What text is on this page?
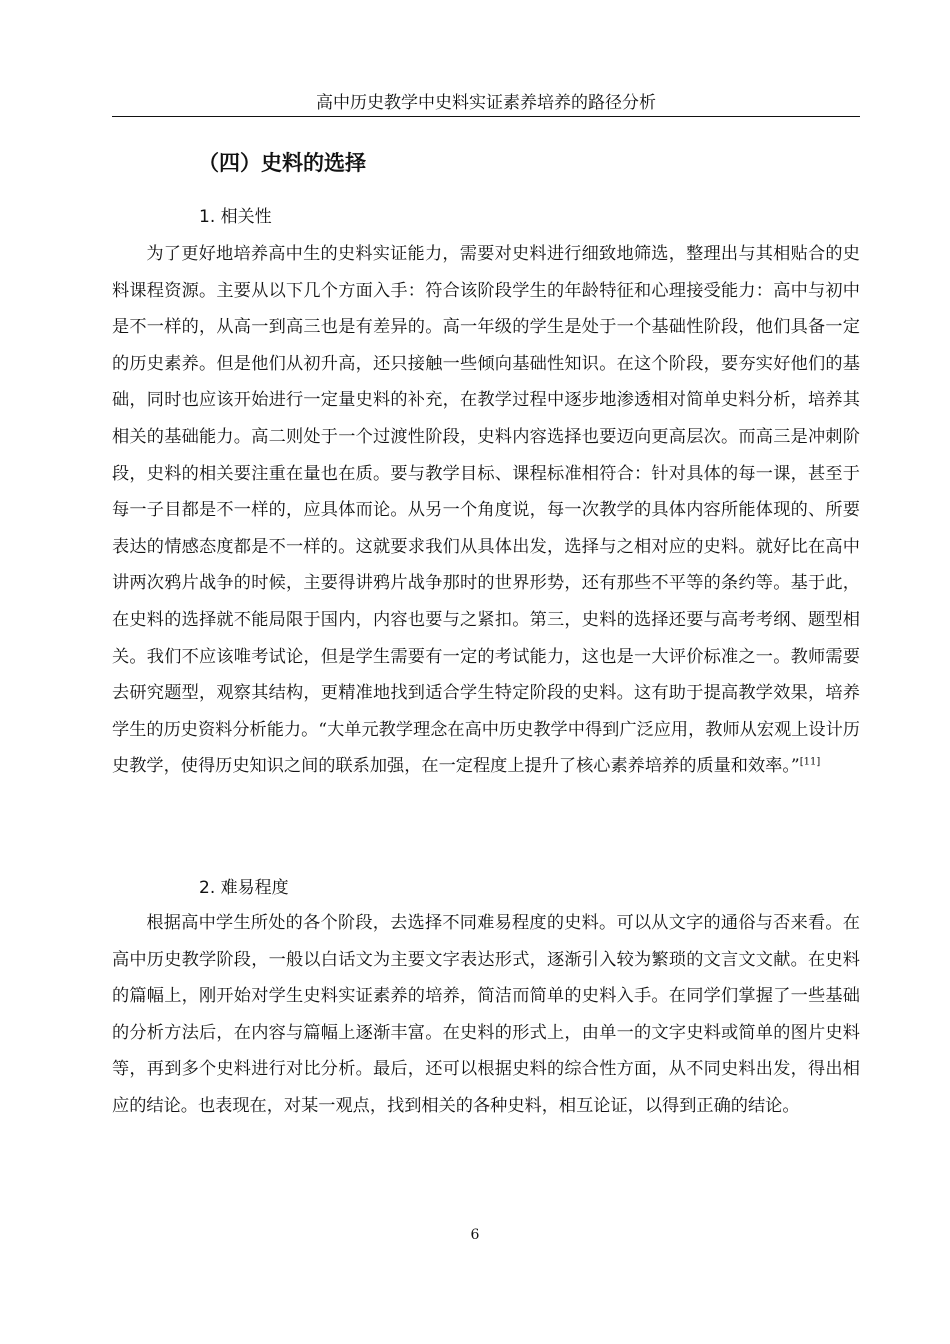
高中历史教学中史料实证素养培养的路径分析
（四）史料的选择
1. 相关性

为了更好地培养高中生的史料实证能力，需要对史料进行细致地筛选，整理出与其相贴合的史料课程资源。主要从以下几个方面入手：符合该阶段学生的年龄特征和心理接受能力：高中与初中是不一样的，从高一到高三也是有差异的。高一年级的学生是处于一个基础性阶段，他们具备一定的历史素养。但是他们从初升高，还只接触一些倾向基础性知识。在这个阶段，要夯实好他们的基础，同时也应该开始进行一定量史料的补充，在教学过程中逐步地渗透相对简单史料分析，培养其相关的基础能力。高二则处于一个过渡性阶段，史料内容选择也要迈向更高层次。而高三是冲刺阶段，史料的相关要注重在量也在质。要与教学目标、课程标准相符合：针对具体的每一课，甚至于每一子目都是不一样的，应具体而论。从另一个角度说，每一次教学的具体内容所能体现的、所要表达的情感态度都是不一样的。这就要求我们从具体出发，选择与之相对应的史料。就好比在高中讲两次鸦片战争的时候，主要得讲鸦片战争那时的世界形势，还有那些不平等的条约等。基于此，在史料的选择就不能局限于国内，内容也要与之紧扣。第三，史料的选择还要与高考考纲、题型相关。我们不应该唯考试论，但是学生需要有一定的考试能力，这也是一大评价标准之一。教师需要去研究题型，观察其结构，更精准地找到适合学生特定阶段的史料。这有助于提高教学效果，培养学生的历史资料分析能力。“大单元教学理念在高中历史教学中得到广泛应用，教师从宏观上设计历史教学，使得历史知识之间的联系加强，在一定程度上提升了核心素养培养的质量和效率。”[11]

2. 难易程度

根据高中学生所处的各个阶段，去选择不同难易程度的史料。可以从文字的通俗与否来看。在高中历史教学阶段，一般以白话文为主要文字表达形式，逐渐引入较为繁琐的文言文文献。在史料的篇幅上，刚开始对学生史料实证素养的培养，简洁而简单的史料入手。在同学们掌握了一些基础的分析方法后，在内容与篇幅上逐渐丰富。在史料的形式上，由单一的文字史料或简单的图片史料等，再到多个史料进行对比分析。最后，还可以根据史料的综合性方面，从不同史料出发，得出相应的结论。也表现在，对某一观点，找到相关的各种史料，相互论证，以得到正确的结论。

6
